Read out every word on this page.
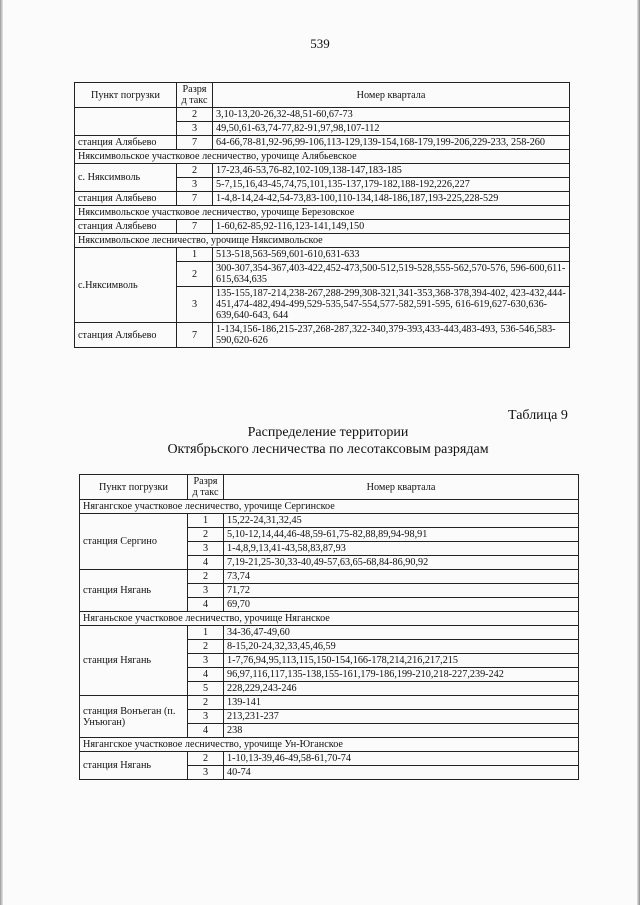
539
Пункт погрузки	Разряд такс	Номер квартала
	2	3,10-13,20-26,32-48,51-60,67-73
	3	49,50,61-63,74-77,82-91,97,98,107-112
станция Алябьево	7	64-66,78-81,92-96,99-106,113-129,139-154,168-179,199-206,229-233, 258-260
Няксимвольское участковое лесничество, урочище Алябьевское		
с. Няксимволь	2	17-23,46-53,76-82,102-109,138-147,183-185
	3	5-7,15,16,43-45,74,75,101,135-137,179-182,188-192,226,227
станция Алябьево	7	1-4,8-14,24-42,54-73,83-100,110-134,148-186,187,193-225,228-529
Няксимвольское участковое лесничество, урочище Березовское		
станция Алябьево	7	1-60,62-85,92-116,123-141,149,150
Няксимвольское лесничество, урочище Няксимвольское		
с.Няксимволь	1	513-518,563-569,601-610,631-633
	2	300-307,354-367,403-422,452-473,500-512,519-528,555-562,570-576, 596-600,611-615,634,635
	3	135-155,187-214,238-267,288-299,308-321,341-353,368-378,394-402, 423-432,444-451,474-482,494-499,529-535,547-554,577-582,591-595, 616-619,627-630,636-639,640-643, 644
станция Алябьево	7	1-134,156-186,215-237,268-287,322-340,379-393,433-443,483-493, 536-546,583-590,620-626
Таблица 9
Распределение территории
Октябрьского лесничества по лесотаксовым разрядам
Пункт погрузки	Разряд такс	Номер квартала
Нягангское участковое лесничество, урочище Сергинское		
станция Сергино	1	15,22-24,31,32,45
	2	5,10-12,14,44,46-48,59-61,75-82,88,89,94-98,91
	3	1-4,8,9,13,41-43,58,83,87,93
	4	7,19-21,25-30,33-40,49-57,63,65-68,84-86,90,92
станция Нягань	2	73,74
	3	71,72
	4	69,70
Няганьское участковое лесничество, урочище Няганское		
станция Нягань	1	34-36,47-49,60
	2	8-15,20-24,32,33,45,46,59
	3	1-7,76,94,95,113,115,150-154,166-178,214,216,217,215
	4	96,97,116,117,135-138,155-161,179-186,199-210,218-227,239-242
	5	228,229,243-246
станция Вонъеган (п. Унъюган)	2	139-141
	3	213,231-237
	4	238
Нягангское участковое лесничество, урочище Ун-Юганское		
станция Нягань	2	1-10,13-39,46-49,58-61,70-74
	3	40-74
